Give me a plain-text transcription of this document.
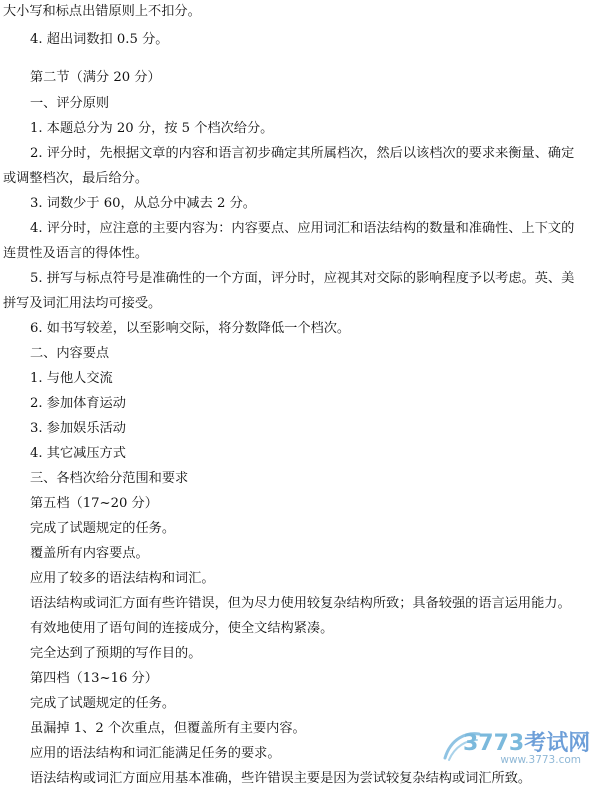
大小写和标点出错原则上不扣分。
4. 超出词数扣 0.5 分。
第二节（满分 20 分）
一、评分原则
1. 本题总分为 20 分，按 5 个档次给分。
2. 评分时，先根据文章的内容和语言初步确定其所属档次，然后以该档次的要求来衡量、确定
或调整档次，最后给分。
3. 词数少于 60，从总分中减去 2 分。
4. 评分时，应注意的主要内容为：内容要点、应用词汇和语法结构的数量和准确性、上下文的
连贯性及语言的得体性。
5. 拼写与标点符号是准确性的一个方面，评分时，应视其对交际的影响程度予以考虑。英、美
拼写及词汇用法均可接受。
6. 如书写较差，以至影响交际，将分数降低一个档次。
二、内容要点
1. 与他人交流
2. 参加体育运动
3. 参加娱乐活动
4. 其它减压方式
三、各档次给分范围和要求
第五档（17~20 分）
完成了试题规定的任务。
覆盖所有内容要点。
应用了较多的语法结构和词汇。
语法结构或词汇方面有些许错误，但为尽力使用较复杂结构所致；具备较强的语言运用能力。
有效地使用了语句间的连接成分，使全文结构紧凑。
完全达到了预期的写作目的。
第四档（13~16 分）
完成了试题规定的任务。
虽漏掉 1、2 个次重点，但覆盖所有主要内容。
应用的语法结构和词汇能满足任务的要求。
语法结构或词汇方面应用基本准确，些许错误主要是因为尝试较复杂结构或词汇所致。
3773考试网
www.3773.com
